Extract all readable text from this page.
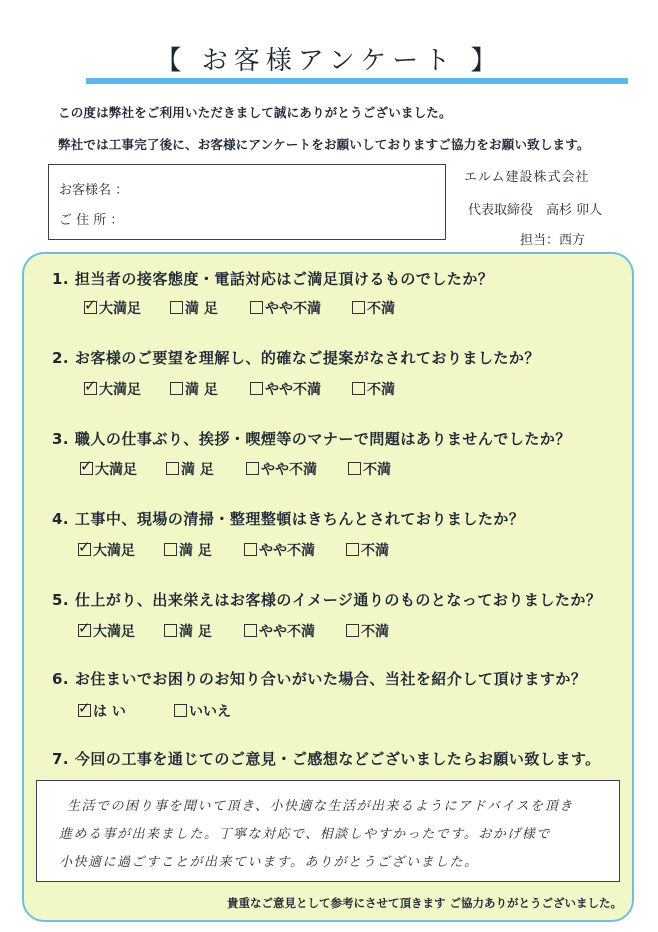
【 お客様アンケート 】
この度は弊社をご利用いただきまして誠にありがとうございました。
弊社では工事完了後に、お客様にアンケートをお願いしておりますご協力をお願い致します。
お客様名 ：
ご 住 所 ：
エルム建設株式会社
代表取締役　高杉 卯人
担当：西方
1. 担当者の接客態度・電話対応はご満足頂けるものでしたか？
✓ 大満足	満 足	やや不満	不満
2. お客様のご要望を理解し、的確なご提案がなされておりましたか？
✓ 大満足	満 足	やや不満	不満
3. 職人の仕事ぶり、挨拶・喫煙等のマナーで問題はありませんでしたか？
✓ 大満足	満 足	やや不満	不満
4. 工事中、現場の清掃・整理整頓はきちんとされておりましたか？
✓ 大満足	満 足	やや不満	不満
5. 仕上がり、出来栄えはお客様のイメージ通りのものとなっておりましたか？
✓ 大満足	満 足	やや不満	不満
6. お住まいでお困りのお知り合いがいた場合、当社を紹介して頂けますか？
✓ は い	いいえ
7. 今回の工事を通じてのご意見・ご感想などございましたらお願い致します。
生活での困り事を聞いて頂き、小快適な生活が出来るようにアドバイスを頂き
進める事が出来ました。丁寧な対応で、相談しやすかったです。おかげ様で
小快適に過ごすことが出来ています。ありがとうございました。
貴重なご意見として参考にさせて頂きます ご協力ありがとうございました。
